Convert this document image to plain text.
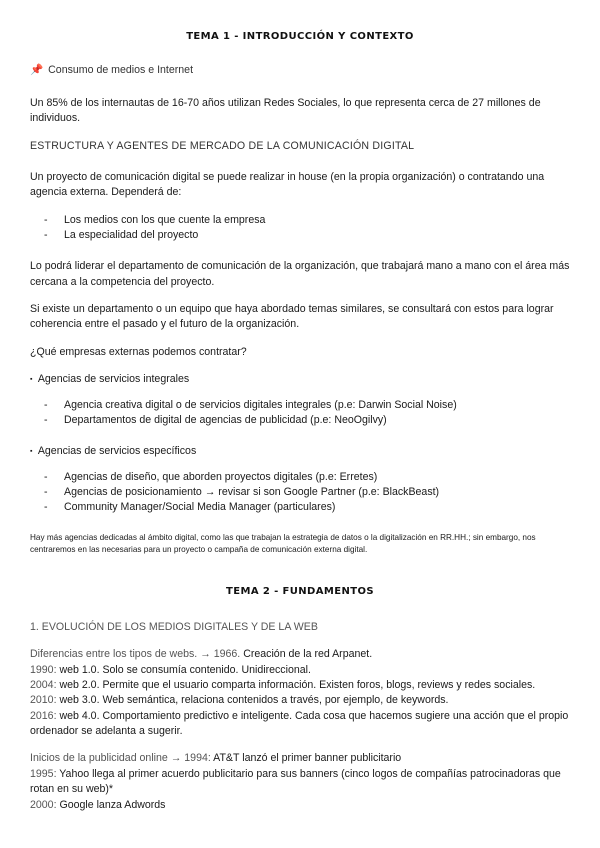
TEMA 1 - INTRODUCCIÓN Y CONTEXTO
📌 Consumo de medios e Internet

Un 85% de los internautas de 16-70 años utilizan Redes Sociales, lo que representa cerca de 27 millones de individuos.

ESTRUCTURA Y AGENTES DE MERCADO DE LA COMUNICACIÓN DIGITAL

Un proyecto de comunicación digital se puede realizar in house (en la propia organización) o contratando una agencia externa. Dependerá de:

- Los medios con los que cuente la empresa
- La especialidad del proyecto

Lo podrá liderar el departamento de comunicación de la organización, que trabajará mano a mano con el área más cercana a la competencia del proyecto.

Si existe un departamento o un equipo que haya abordado temas similares, se consultará con estos para lograr coherencia entre el pasado y el futuro de la organización.

¿Qué empresas externas podemos contratar?

▪ Agencias de servicios integrales
- Agencia creativa digital o de servicios digitales integrales (p.e: Darwin Social Noise)
- Departamentos de digital de agencias de publicidad (p.e: NeoOgilvy)
▪ Agencias de servicios específicos
- Agencias de diseño, que aborden proyectos digitales (p.e: Erretes)
- Agencias de posicionamiento → revisar si son Google Partner (p.e: BlackBeast)
- Community Manager/Social Media Manager (particulares)
Hay más agencias dedicadas al ámbito digital, como las que trabajan la estrategia de datos o la digitalización en RR.HH.; sin embargo, nos centraremos en las necesarias para un proyecto o campaña de comunicación externa digital.
TEMA 2 - FUNDAMENTOS
1. EVOLUCIÓN DE LOS MEDIOS DIGITALES Y DE LA WEB
Diferencias entre los tipos de webs. → 1966. Creación de la red Arpanet.
1990: web 1.0. Solo se consumía contenido. Unidireccional.
2004: web 2.0. Permite que el usuario comparta información. Existen foros, blogs, reviews y redes sociales.
2010: web 3.0. Web semántica, relaciona contenidos a través, por ejemplo, de keywords.
2016: web 4.0. Comportamiento predictivo e inteligente. Cada cosa que hacemos sugiere una acción que el propio ordenador se adelanta a sugerir.
Inicios de la publicidad online → 1994: AT&T lanzó el primer banner publicitario
1995: Yahoo llega al primer acuerdo publicitario para sus banners (cinco logos de compañías patrocinadoras que rotan en su web)*
2000: Google lanza Adwords
